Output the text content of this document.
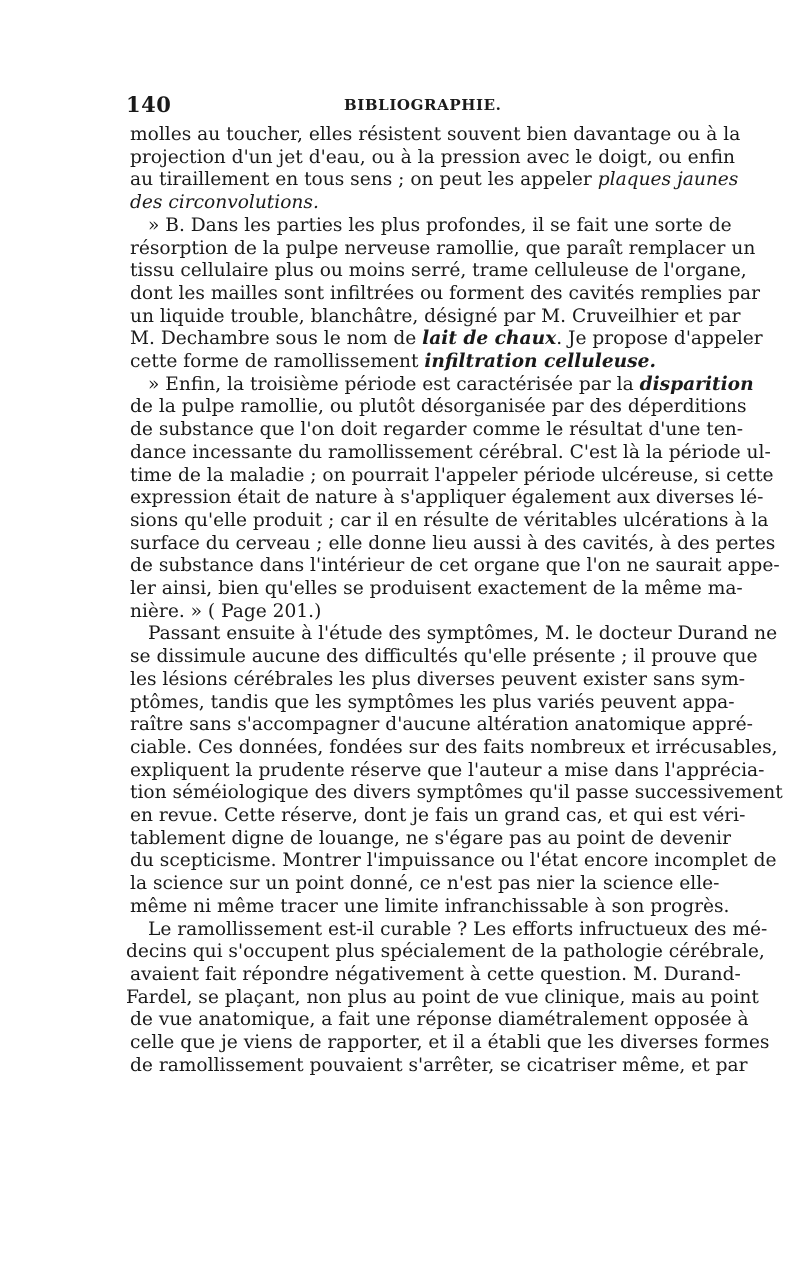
140	BIBLIOGRAPHIE.
molles au toucher, elles résistent souvent bien davantage ou à la
projection d'un jet d'eau, ou à la pression avec le doigt, ou enfin
au tiraillement en tous sens ; on peut les appeler plaques jaunes
des circonvolutions.
» B. Dans les parties les plus profondes, il se fait une sorte de
résorption de la pulpe nerveuse ramollie, que paraît remplacer un
tissu cellulaire plus ou moins serré, trame celluleuse de l'organe,
dont les mailles sont infiltrées ou forment des cavités remplies par
un liquide trouble, blanchâtre, désigné par M. Cruveilhier et par
M. Dechambre sous le nom de lait de chaux. Je propose d'appeler
cette forme de ramollissement infiltration celluleuse.
» Enfin, la troisième période est caractérisée par la disparition
de la pulpe ramollie, ou plutôt désorganisée par des déperditions
de substance que l'on doit regarder comme le résultat d'une ten-
dance incessante du ramollissement cérébral. C'est là la période ul-
time de la maladie ; on pourrait l'appeler période ulcéreuse, si cette
expression était de nature à s'appliquer également aux diverses lé-
sions qu'elle produit ; car il en résulte de véritables ulcérations à la
surface du cerveau ; elle donne lieu aussi à des cavités, à des pertes
de substance dans l'intérieur de cet organe que l'on ne saurait appe-
ler ainsi, bien qu'elles se produisent exactement de la même ma-
nière. » ( Page 201.)
Passant ensuite à l'étude des symptômes, M. le docteur Durand ne
se dissimule aucune des difficultés qu'elle présente ; il prouve que
les lésions cérébrales les plus diverses peuvent exister sans sym-
ptômes, tandis que les symptômes les plus variés peuvent appa-
raître sans s'accompagner d'aucune altération anatomique appré-
ciable. Ces données, fondées sur des faits nombreux et irrécusables,
expliquent la prudente réserve que l'auteur a mise dans l'apprécia-
tion séméiologique des divers symptômes qu'il passe successivement
en revue. Cette réserve, dont je fais un grand cas, et qui est véri-
tablement digne de louange, ne s'égare pas au point de devenir
du scepticisme. Montrer l'impuissance ou l'état encore incomplet de
la science sur un point donné, ce n'est pas nier la science elle-
même ni même tracer une limite infranchissable à son progrès.
Le ramollissement est-il curable ? Les efforts infructueux des mé-
decins qui s'occupent plus spécialement de la pathologie cérébrale,
avaient fait répondre négativement à cette question. M. Durand-
Fardel, se plaçant, non plus au point de vue clinique, mais au point
de vue anatomique, a fait une réponse diamétralement opposée à
celle que je viens de rapporter, et il a établi que les diverses formes
de ramollissement pouvaient s'arrêter, se cicatriser même, et par
